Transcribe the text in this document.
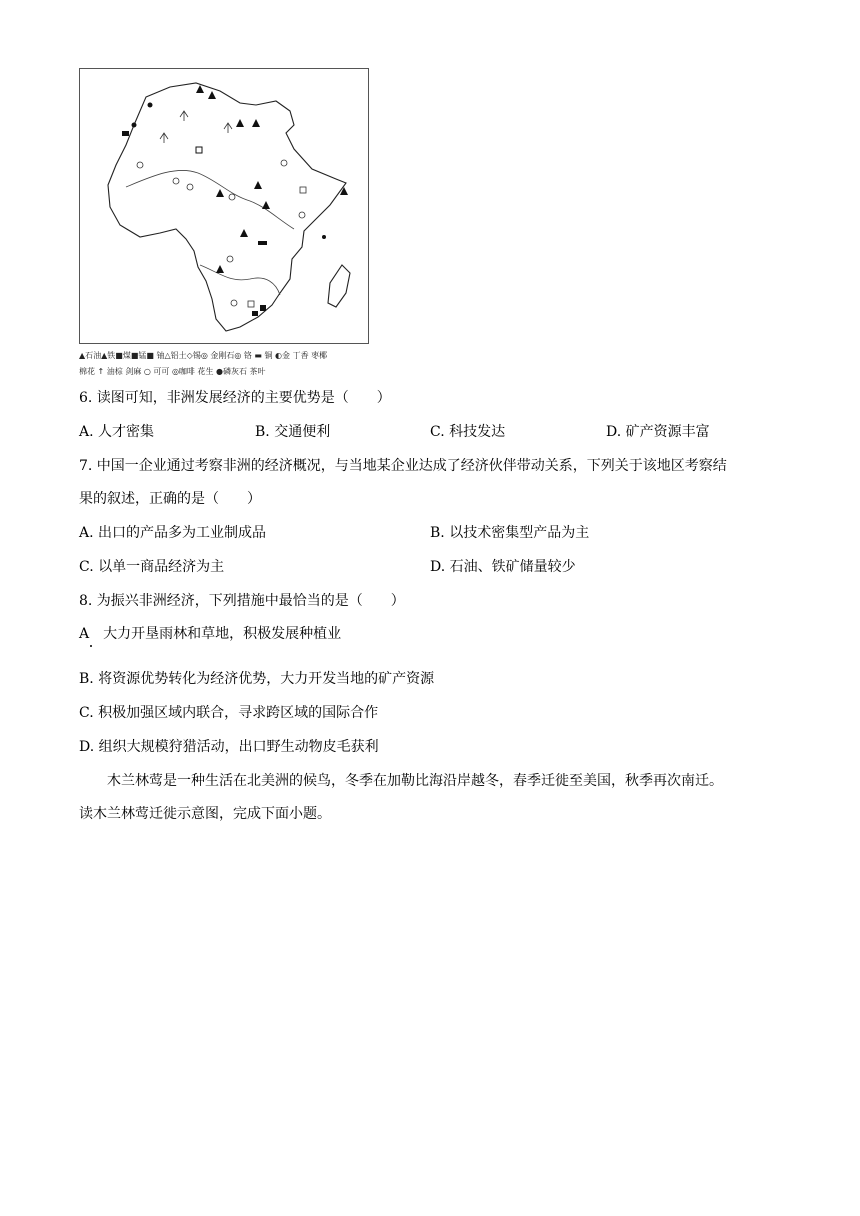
▲石油▲铁■煤■锰■ 铀△铝土◇锡◎ 金刚石◎ 铬 ▬ 铜 ◐金 丁香 枣椰
棉花 ↑ 油棕 剑麻 ○ 可可 ◎咖啡 花生 ●磷灰石 茶叶
6. 读图可知，非洲发展经济的主要优势是（　　）
A. 人才密集	B. 交通便利	C. 科技发达	D. 矿产资源丰富
7. 中国一企业通过考察非洲的经济概况，与当地某企业达成了经济伙伴带动关系，下列关于该地区考察结
果的叙述，正确的是（　　）
A. 出口的产品多为工业制成品	B. 以技术密集型产品为主
C. 以单一商品经济为主	D. 石油、铁矿储量较少
8. 为振兴非洲经济，下列措施中最恰当的是（　　）
A　大力开垦雨林和草地，积极发展种植业
B. 将资源优势转化为经济优势，大力开发当地的矿产资源
C. 积极加强区域内联合，寻求跨区域的国际合作
D. 组织大规模狩猎活动，出口野生动物皮毛获利
木兰林莺是一种生活在北美洲的候鸟，冬季在加勒比海沿岸越冬，春季迁徙至美国，秋季再次南迁。
读木兰林莺迁徙示意图，完成下面小题。
